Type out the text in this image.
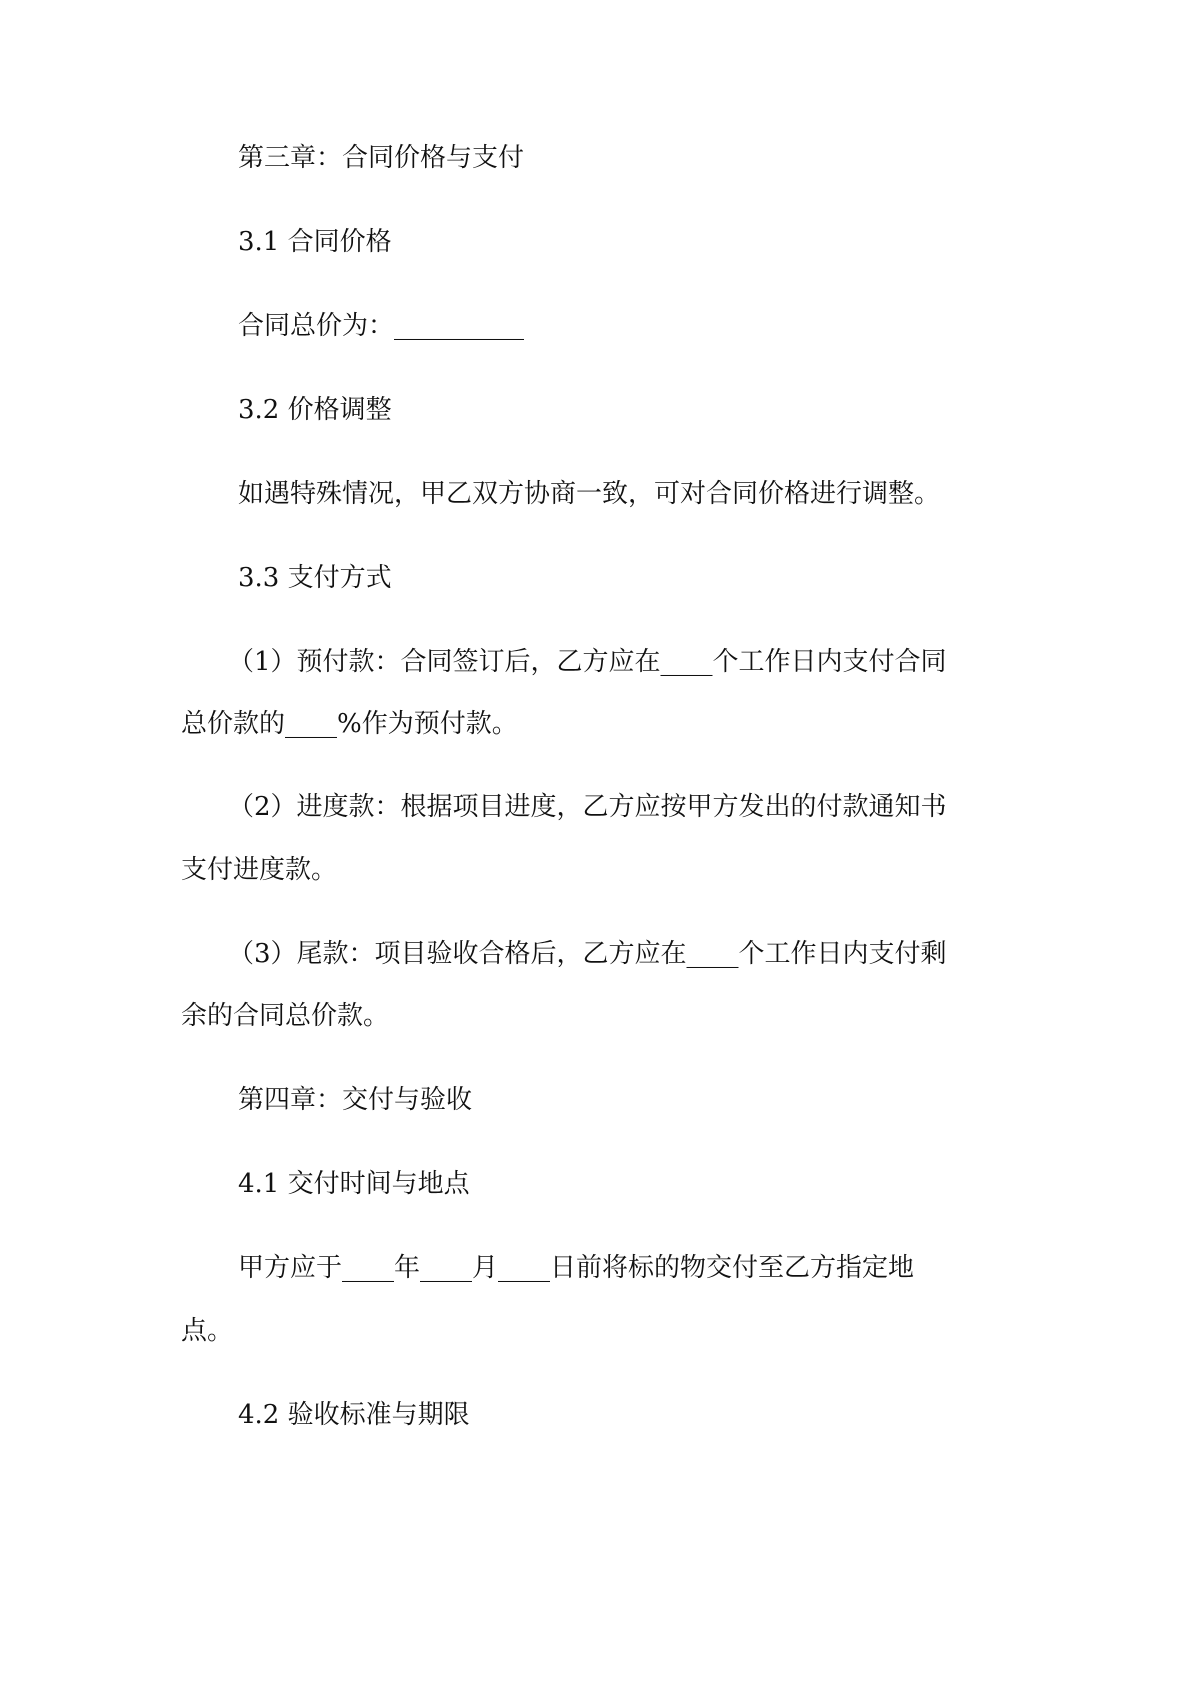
第三章：合同价格与支付
3.1 合同价格
合同总价为：__________
3.2 价格调整
如遇特殊情况，甲乙双方协商一致，可对合同价格进行调整。
3.3 支付方式
（1）预付款：合同签订后，乙方应在____个工作日内支付合同
总价款的____%作为预付款。
（2）进度款：根据项目进度，乙方应按甲方发出的付款通知书
支付进度款。
（3）尾款：项目验收合格后，乙方应在____个工作日内支付剩
余的合同总价款。
第四章：交付与验收
4.1 交付时间与地点
甲方应于____年____月____日前将标的物交付至乙方指定地
点。
4.2 验收标准与期限
